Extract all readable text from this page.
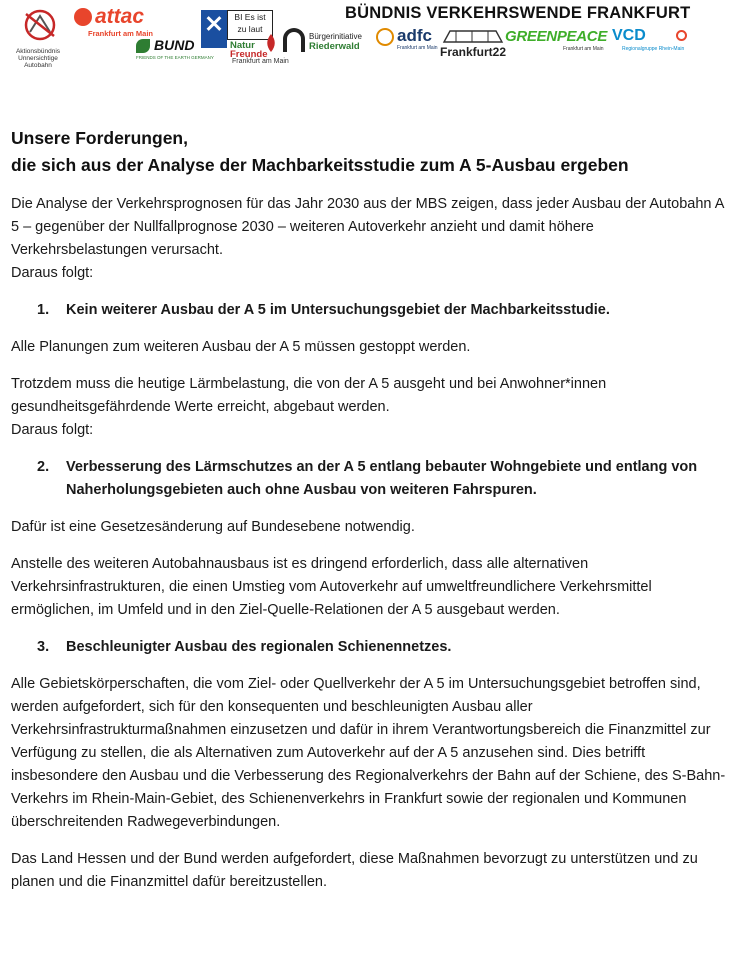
BÜNDNIS VERKEHRSWENDE FRANKFURT
Aktionsbündnis Unnersichtige Autobahn
attac
Frankfurt am Main
BUND
FRIENDS OF THE EARTH GERMANY
BI Es ist
zu laut
Natur
Freunde
Frankfurt am Main
Bürgerinitiative
Riederwald
adfc
Frankfurt am Main Frankfurt22
GREENPEACE
Frankfurt am Main
VCD
Regionalgruppe Rhein-Main
Unsere Forderungen,
die sich aus der Analyse der Machbarkeitsstudie zum A 5-Ausbau ergeben

Die Analyse der Verkehrsprognosen für das Jahr 2030 aus der MBS zeigen, dass jeder Ausbau der Autobahn A 5 – gegenüber der Nullfallprognose 2030 – weiteren Autoverkehr anzieht und damit höhere Verkehrsbelastungen verursacht.

Daraus folgt:

1.	Kein weiterer Ausbau der A 5 im Untersuchungsgebiet der Machbarkeitsstudie.

Alle Planungen zum weiteren Ausbau der A 5 müssen gestoppt werden.

Trotzdem muss die heutige Lärmbelastung, die von der A 5 ausgeht und bei Anwohner*innen gesundheitsgefährdende Werte erreicht, abgebaut werden.

Daraus folgt:

2.	Verbesserung des Lärmschutzes an der A 5 entlang bebauter Wohngebiete und entlang von Naherholungsgebieten auch ohne Ausbau von weiteren Fahrspuren.

Dafür ist eine Gesetzesänderung auf Bundesebene notwendig.

Anstelle des weiteren Autobahnausbaus ist es dringend erforderlich, dass alle alternativen Verkehrsinfrastrukturen, die einen Umstieg vom Autoverkehr auf umweltfreundlichere Verkehrsmittel ermöglichen, im Umfeld und in den Ziel-Quelle-Relationen der A 5 ausgebaut werden.

3.	Beschleunigter Ausbau des regionalen Schienennetzes.

Alle Gebietskörperschaften, die vom Ziel- oder Quellverkehr der A 5 im Untersuchungsgebiet betroffen sind, werden aufgefordert, sich für den konsequenten und beschleunigten Ausbau aller Verkehrsinfrastrukturmaßnahmen einzusetzen und dafür in ihrem Verantwortungsbereich die Finanzmittel zur Verfügung zu stellen, die als Alternativen zum Autoverkehr auf der A 5 anzusehen sind. Dies betrifft insbesondere den Ausbau und die Verbesserung des Regionalverkehrs der Bahn auf der Schiene, des S-Bahn-Verkehrs im Rhein-Main-Gebiet, des Schienenverkehrs in Frankfurt sowie der regionalen und Kommunen überschreitenden Radwegeverbindungen.

Das Land Hessen und der Bund werden aufgefordert, diese Maßnahmen bevorzugt zu unterstützen und zu planen und die Finanzmittel dafür bereitzustellen.
